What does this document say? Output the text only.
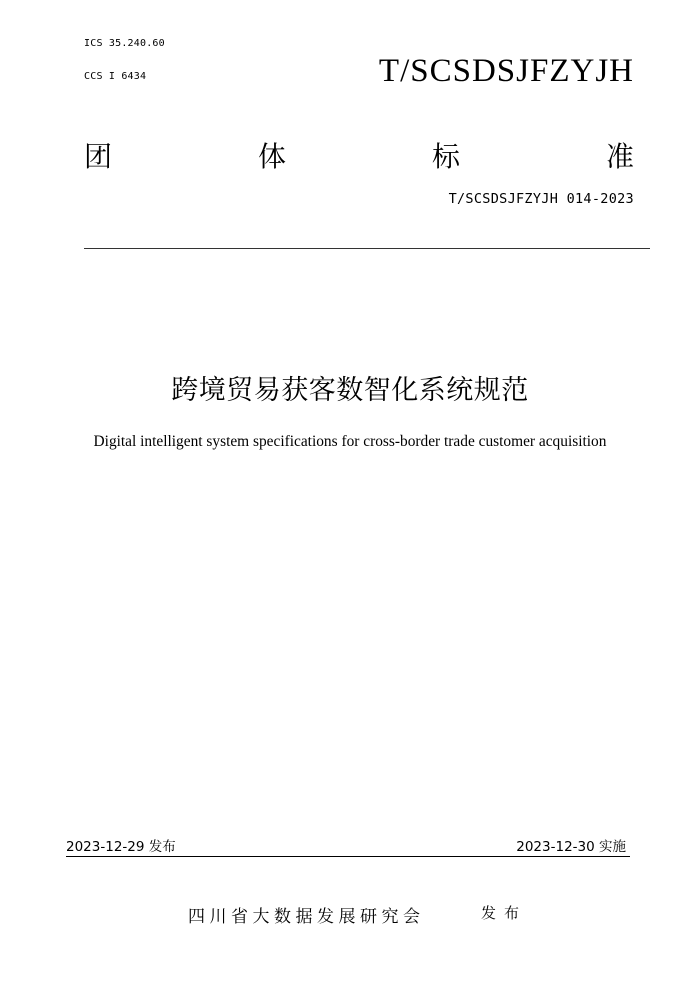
ICS 35.240.60
CCS I 6434	T/SCSDSJFZYJH
团	体	标	准
T/SCSDSJFZYJH 014-2023
跨境贸易获客数智化系统规范
Digital intelligent system specifications for cross-border trade customer acquisition
2023-12-29 发布	2023-12-30 实施
四川省大数据发展研究会	发布
